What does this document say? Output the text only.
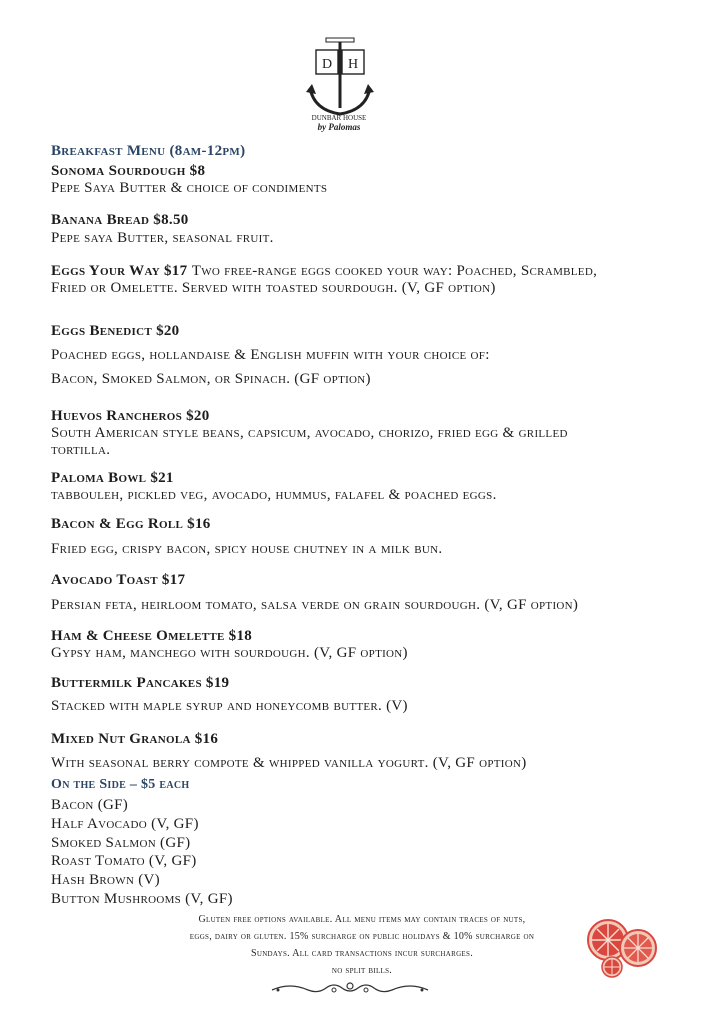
D H
DUNBAR HOUSE
by Palomas
Breakfast Menu (8am-12pm)
Sonoma Sourdough $8
Pepe Saya Butter & choice of condiments
Banana Bread $8.50
Pepe saya Butter, seasonal fruit.
Eggs Your Way $17 Two free-range eggs cooked your way: Poached, Scrambled,
Fried or Omelette. Served with toasted sourdough. (V, GF option)
Eggs Benedict $20
Poached eggs, hollandaise & English muffin with your choice of:
Bacon, Smoked Salmon, or Spinach. (GF option)
Huevos Rancheros $20
South American style beans, capsicum, avocado, chorizo, fried egg & grilled
tortilla.
Paloma Bowl $21
tabbouleh, pickled veg, avocado, hummus, falafel & poached eggs.
Bacon & Egg Roll $16
Fried egg, crispy bacon, spicy house chutney in a milk bun.
Avocado Toast $17
Persian feta, heirloom tomato, salsa verde on grain sourdough. (V, GF option)
Ham & Cheese Omelette $18
Gypsy ham, manchego with sourdough. (V, GF option)
Buttermilk Pancakes $19
Stacked with maple syrup and honeycomb butter. (V)
Mixed Nut Granola $16
With seasonal berry compote & whipped vanilla yogurt. (V, GF option)
On the Side – $5 each
Bacon (GF)
Half Avocado (V, GF)
Smoked Salmon (GF)
Roast Tomato (V, GF)
Hash Brown (V)
Button Mushrooms (V, GF)
Gluten free options available. All menu items may contain traces of nuts,
eggs, dairy or gluten. 15% surcharge on public holidays & 10% surcharge on
Sundays. All card transactions incur surcharges.
no split bills.
